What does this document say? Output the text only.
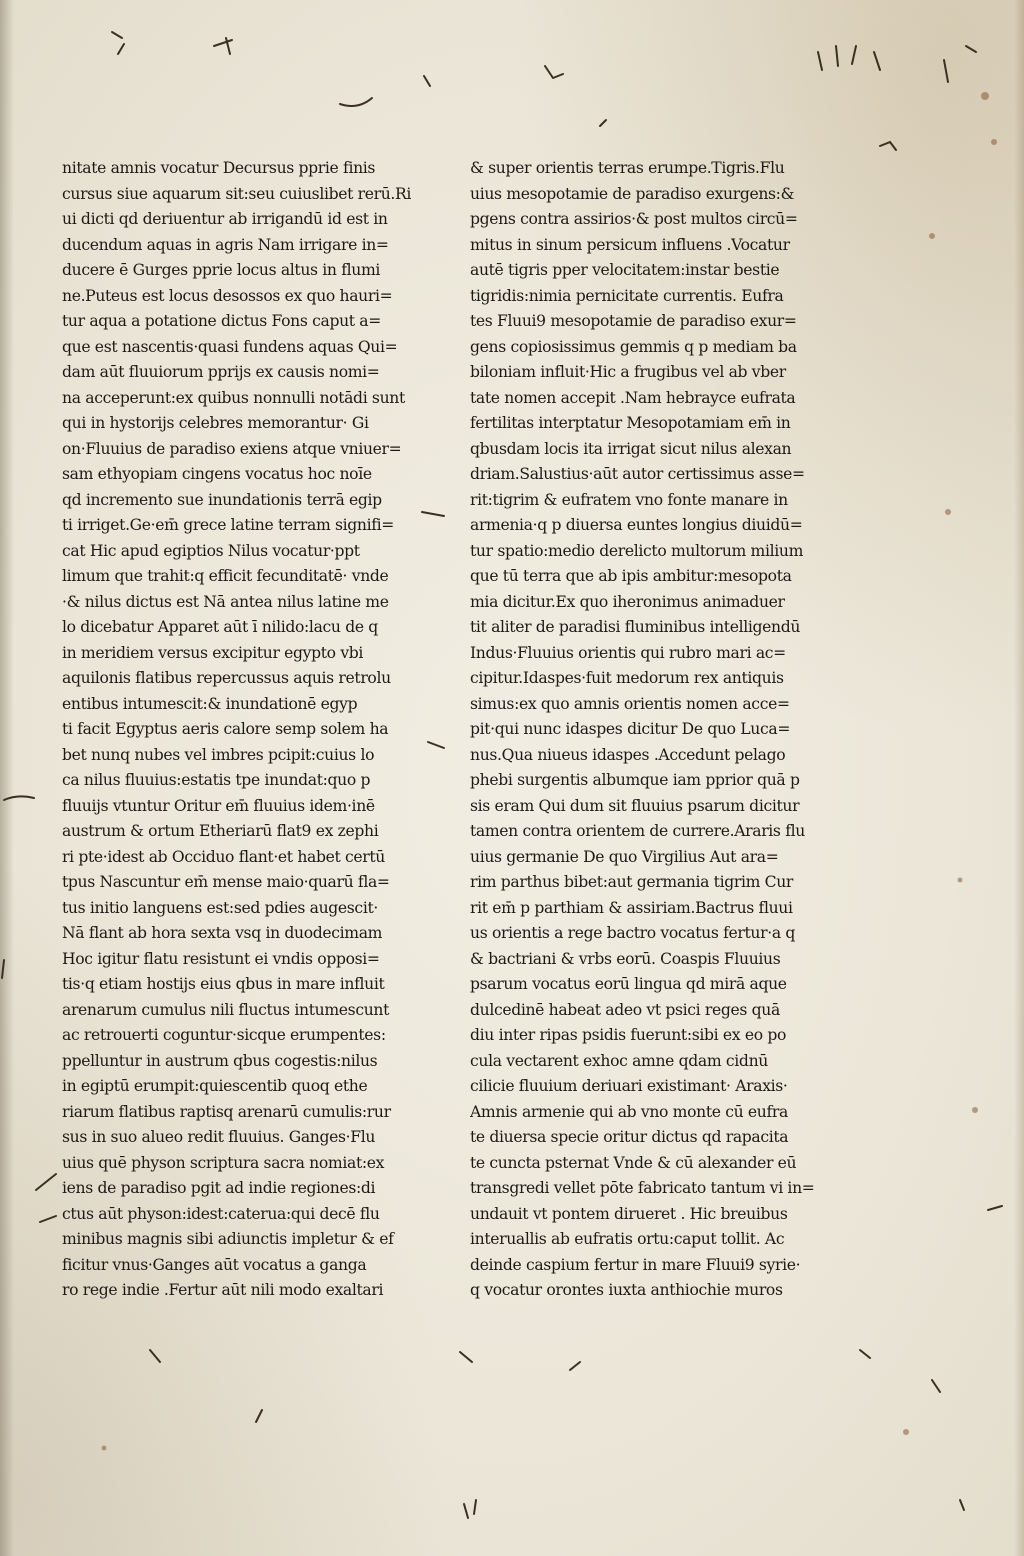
nitate amnis vocatur Decursus pprie finis
cursus siue aquarum sit:seu cuiuslibet rerū.Ri
ui dicti qd deriuentur ab irrigandū id est in
ducendum aquas in agris Nam irrigare in=
ducere ē Gurges pprie locus altus in flumi
ne.Puteus est locus desossos ex quo hauri=
tur aqua a potatione dictus Fons caput a=
que est nascentis·quasi fundens aquas Qui=
dam aūt fluuiorum pprijs ex causis nomi=
na acceperunt:ex quibus nonnulli notādi sunt
qui in hystorijs celebres memorantur· Gi
on·Fluuius de paradiso exiens atque vniuer=
sam ethyopiam cingens vocatus hoc noīe
qd incremento sue inundationis terrā egip
ti irriget.Ge·em̄ grece latine terram signifi=
cat Hic apud egiptios Nilus vocatur·ppt
limum que trahit:q efficit fecunditatē· vnde
·& nilus dictus est Nā antea nilus latine me
lo dicebatur Apparet aūt ī nilido:lacu de q
in meridiem versus excipitur egypto vbi
aquilonis flatibus repercussus aquis retrolu
entibus intumescit:& inundationē egyp
ti facit Egyptus aeris calore semp solem ha
bet nunq nubes vel imbres pcipit:cuius lo
ca nilus fluuius:estatis tpe inundat:quo p
fluuijs vtuntur Oritur em̄ fluuius idem·inē
austrum & ortum Etheriarū flat9 ex zephi
ri pte·idest ab Occiduo flant·et habet certū
tpus Nascuntur em̄ mense maio·quarū fla=
tus initio languens est:sed pdies augescit·
Nā flant ab hora sexta vsq in duodecimam
Hoc igitur flatu resistunt ei vndis opposi=
tis·q etiam hostijs eius qbus in mare influit
arenarum cumulus nili fluctus intumescunt
ac retrouerti coguntur·sicque erumpentes:
ppelluntur in austrum qbus cogestis:nilus
in egiptū erumpit:quiescentib quoq ethe
riarum flatibus raptisq arenarū cumulis:rur
sus in suo alueo redit fluuius. Ganges·Flu
uius quē physon scriptura sacra nomiat:ex
iens de paradiso pgit ad indie regiones:di
ctus aūt physon:idest:caterua:qui decē flu
minibus magnis sibi adiunctis impletur & ef
ficitur vnus·Ganges aūt vocatus a ganga
ro rege indie .Fertur aūt nili modo exaltari
& super orientis terras erumpe.Tigris.Flu
uius mesopotamie de paradiso exurgens:&
pgens contra assirios·& post multos circū=
mitus in sinum persicum influens .Vocatur
autē tigris pper velocitatem:instar bestie
tigridis:nimia pernicitate currentis. Eufra
tes Fluui9 mesopotamie de paradiso exur=
gens copiosissimus gemmis q p mediam ba
biloniam influit·Hic a frugibus vel ab vber
tate nomen accepit .Nam hebrayce eufrata
fertilitas interptatur Mesopotamiam em̄ in
qbusdam locis ita irrigat sicut nilus alexan
driam.Salustius·aūt autor certissimus asse=
rit:tigrim & eufratem vno fonte manare in
armenia·q p diuersa euntes longius diuidū=
tur spatio:medio derelicto multorum milium
que tū terra que ab ipis ambitur:mesopota
mia dicitur.Ex quo iheronimus animaduer
tit aliter de paradisi fluminibus intelligendū
Indus·Fluuius orientis qui rubro mari ac=
cipitur.Idaspes·fuit medorum rex antiquis
simus:ex quo amnis orientis nomen acce=
pit·qui nunc idaspes dicitur De quo Luca=
nus.Qua niueus idaspes .Accedunt pelago
phebi surgentis albumque iam pprior quā p
sis eram Qui dum sit fluuius psarum dicitur
tamen contra orientem de currere.Araris flu
uius germanie De quo Virgilius Aut ara=
rim parthus bibet:aut germania tigrim Cur
rit em̄ p parthiam & assiriam.Bactrus fluui
us orientis a rege bactro vocatus fertur·a q
& bactriani & vrbs eorū. Coaspis Fluuius
psarum vocatus eorū lingua qd mirā aque
dulcedinē habeat adeo vt psici reges quā
diu inter ripas psidis fuerunt:sibi ex eo po
cula vectarent exhoc amne qdam cidnū
cilicie fluuium deriuari existimant· Araxis·
Amnis armenie qui ab vno monte cū eufra
te diuersa specie oritur dictus qd rapacita
te cuncta psternat Vnde & cū alexander eū
transgredi vellet pōte fabricato tantum vi in=
undauit vt pontem dirueret . Hic breuibus
interuallis ab eufratis ortu:caput tollit. Ac
deinde caspium fertur in mare Fluui9 syrie·
q vocatur orontes iuxta anthiochie muros
